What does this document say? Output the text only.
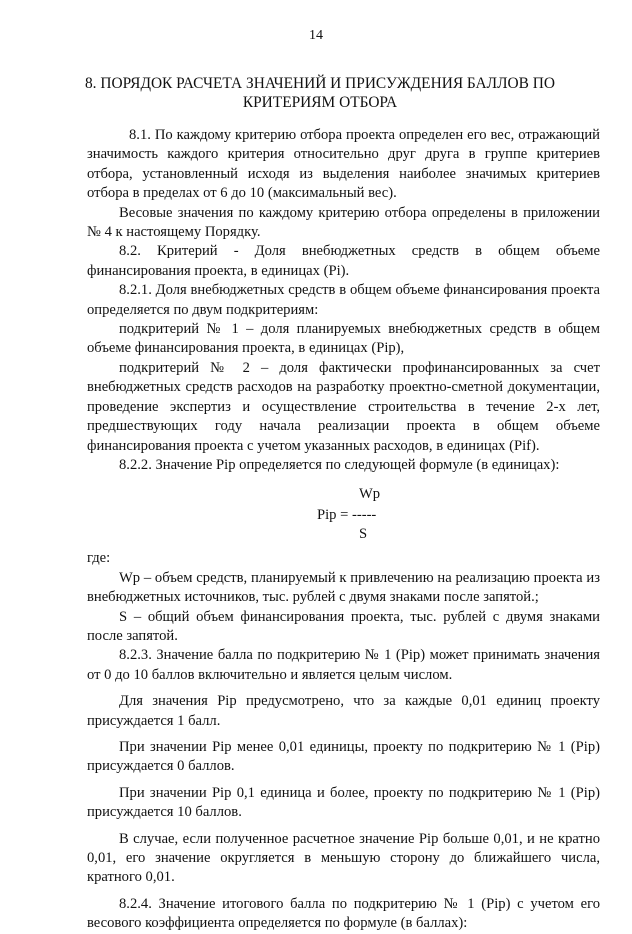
14
8. ПОРЯДОК РАСЧЕТА ЗНАЧЕНИЙ И ПРИСУЖДЕНИЯ БАЛЛОВ ПО
КРИТЕРИЯМ ОТБОРА

8.1. По каждому критерию отбора проекта определен его вес, отражающий значимость каждого критерия относительно друг друга в группе критериев отбора, установленный исходя из выделения наиболее значимых критериев отбора в пределах от 6 до 10 (максимальный вес).

Весовые значения по каждому критерию отбора определены в приложении № 4 к настоящему Порядку.

8.2. Критерий - Доля внебюджетных средств в общем объеме финансирования проекта, в единицах (Pi).

8.2.1. Доля внебюджетных средств в общем объеме финансирования проекта определяется по двум подкритериям:

подкритерий № 1 – доля планируемых внебюджетных средств в общем объеме финансирования проекта, в единицах (Pip),

подкритерий № 2 – доля фактически профинансированных за счет внебюджетных средств расходов на разработку проектно-сметной документации, проведение экспертиз и осуществление строительства в течение 2-х лет, предшествующих году начала реализации проекта в общем объеме финансирования проекта с учетом указанных расходов, в единицах (Pif).

8.2.2. Значение Pip определяется по следующей формуле (в единицах):

Wp
Pip = -----
S

где:

Wp – объем средств, планируемый к привлечению на реализацию проекта из внебюджетных источников, тыс. рублей с двумя знаками после запятой.;

S – общий объем финансирования проекта, тыс. рублей с двумя знаками после запятой.

8.2.3. Значение балла по подкритерию № 1 (Pip) может принимать значения от 0 до 10 баллов включительно и является целым числом.

Для значения Pip предусмотрено, что за каждые 0,01 единиц проекту присуждается 1 балл.

При значении Pip менее 0,01 единицы, проекту по подкритерию № 1 (Pip) присуждается 0 баллов.

При значении Pip 0,1 единица и более, проекту по подкритерию № 1 (Pip) присуждается 10 баллов.

В случае, если полученное расчетное значение Pip больше 0,01, и не кратно 0,01, его значение округляется в меньшую сторону до ближайшего числа, кратного 0,01.

8.2.4. Значение итогового балла по подкритерию № 1 (Pip) с учетом его весового коэффициента определяется по формуле (в баллах):
